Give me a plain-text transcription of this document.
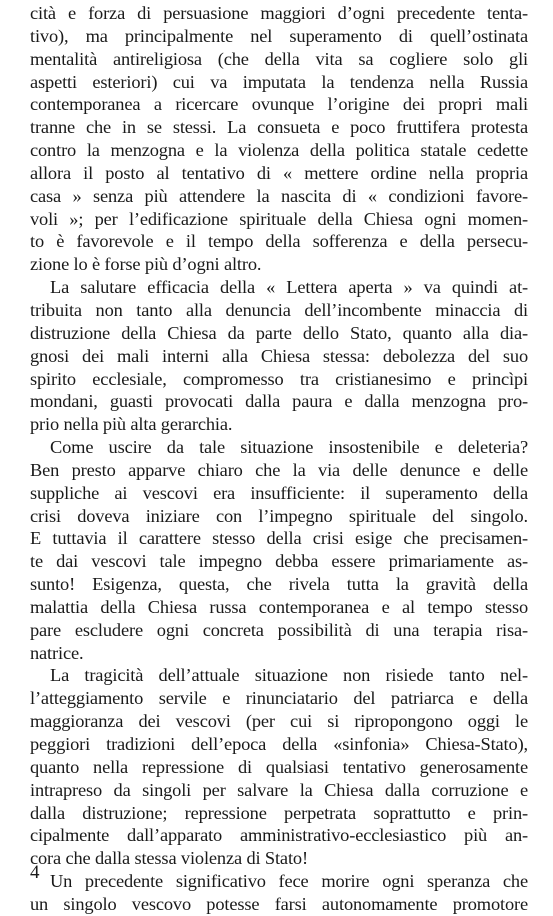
cità e forza di persuasione maggiori d’ogni precedente tenta-
tivo), ma principalmente nel superamento di quell’ostinata
mentalità antireligiosa (che della vita sa cogliere solo gli
aspetti esteriori) cui va imputata la tendenza nella Russia
contemporanea a ricercare ovunque l’origine dei propri mali
tranne che in se stessi. La consueta e poco fruttifera protesta
contro la menzogna e la violenza della politica statale cedette
allora il posto al tentativo di « mettere ordine nella propria
casa » senza più attendere la nascita di « condizioni favore-
voli »; per l’edificazione spirituale della Chiesa ogni momen-
to è favorevole e il tempo della sofferenza e della persecu-
zione lo è forse più d’ogni altro.
La salutare efficacia della « Lettera aperta » va quindi at-
tribuita non tanto alla denuncia dell’incombente minaccia di
distruzione della Chiesa da parte dello Stato, quanto alla dia-
gnosi dei mali interni alla Chiesa stessa: debolezza del suo
spirito ecclesiale, compromesso tra cristianesimo e princìpi
mondani, guasti provocati dalla paura e dalla menzogna pro-
prio nella più alta gerarchia.
Come uscire da tale situazione insostenibile e deleteria?
Ben presto apparve chiaro che la via delle denunce e delle
suppliche ai vescovi era insufficiente: il superamento della
crisi doveva iniziare con l’impegno spirituale del singolo.
E tuttavia il carattere stesso della crisi esige che precisamen-
te dai vescovi tale impegno debba essere primariamente as-
sunto! Esigenza, questa, che rivela tutta la gravità della
malattia della Chiesa russa contemporanea e al tempo stesso
pare escludere ogni concreta possibilità di una terapia risa-
natrice.
La tragicità dell’attuale situazione non risiede tanto nel-
l’atteggiamento servile e rinunciatario del patriarca e della
maggioranza dei vescovi (per cui si ripropongono oggi le
peggiori tradizioni dell’epoca della «sinfonia» Chiesa-Stato),
quanto nella repressione di qualsiasi tentativo generosamente
intrapreso da singoli per salvare la Chiesa dalla corruzione e
dalla distruzione; repressione perpetrata soprattutto e prin-
cipalmente dall’apparato amministrativo-ecclesiastico più an-
cora che dalla stessa violenza di Stato!
Un precedente significativo fece morire ogni speranza che
un singolo vescovo potesse farsi autonomamente promotore
4
